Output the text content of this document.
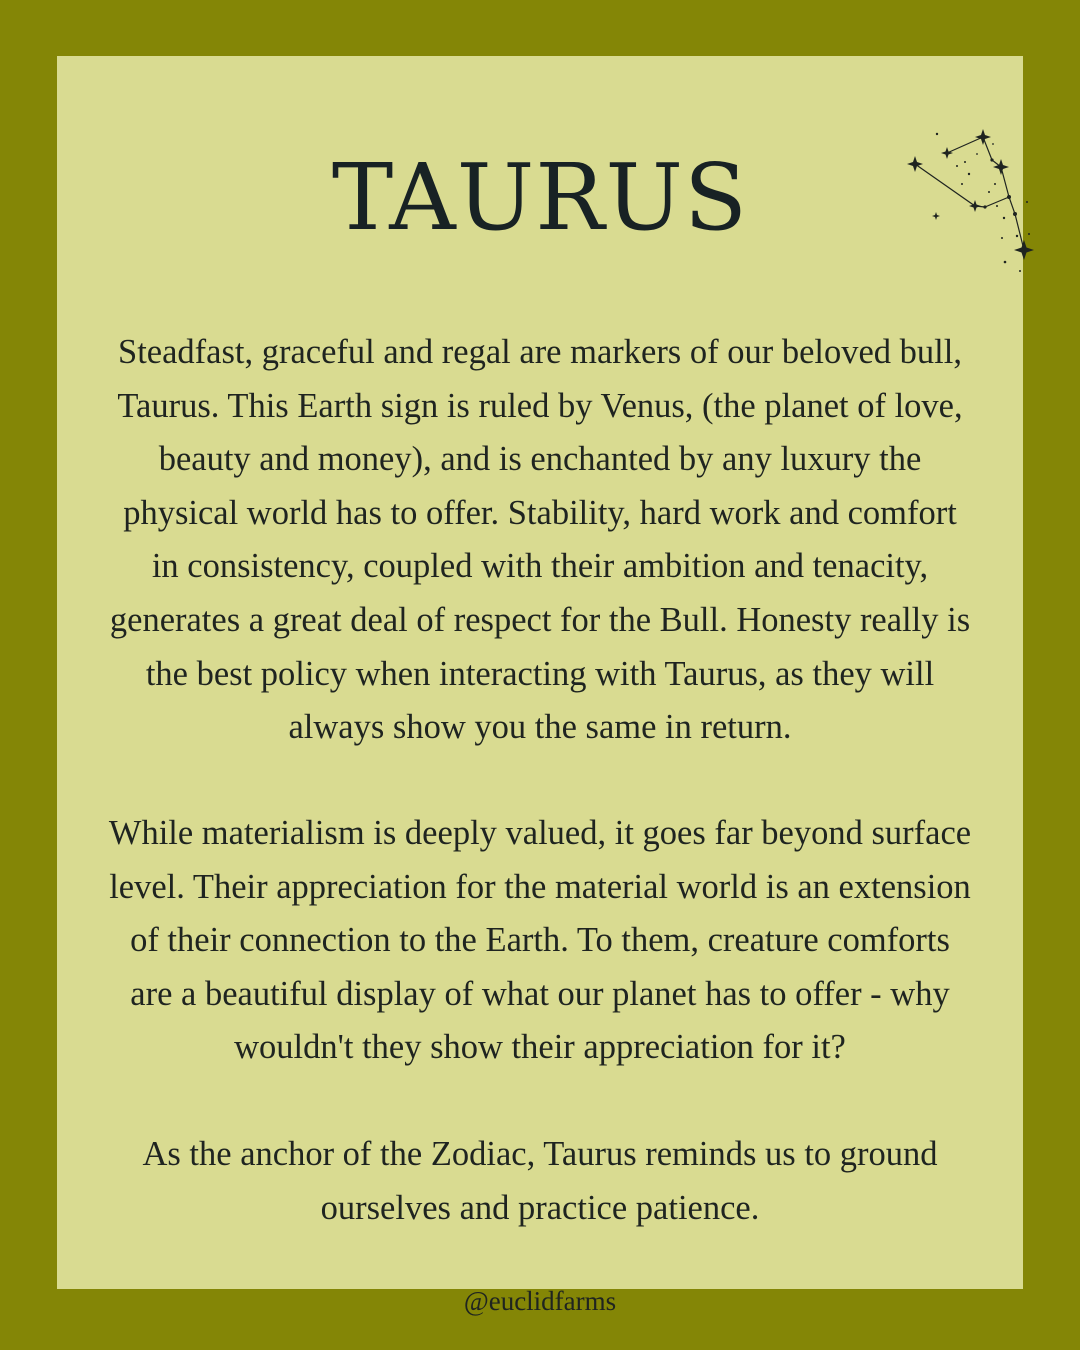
TAURUS

Steadfast, graceful and regal are markers of our beloved bull,
Taurus. This Earth sign is ruled by Venus, (the planet of love,
beauty and money), and is enchanted by any luxury the
physical world has to offer. Stability, hard work and comfort
in consistency, coupled with their ambition and tenacity,
generates a great deal of respect for the Bull. Honesty really is
the best policy when interacting with Taurus, as they will
always show you the same in return.

While materialism is deeply valued, it goes far beyond surface
level. Their appreciation for the material world is an extension
of their connection to the Earth. To them, creature comforts
are a beautiful display of what our planet has to offer - why
wouldn't they show their appreciation for it?

As the anchor of the Zodiac, Taurus reminds us to ground
ourselves and practice patience.

@euclidfarms
